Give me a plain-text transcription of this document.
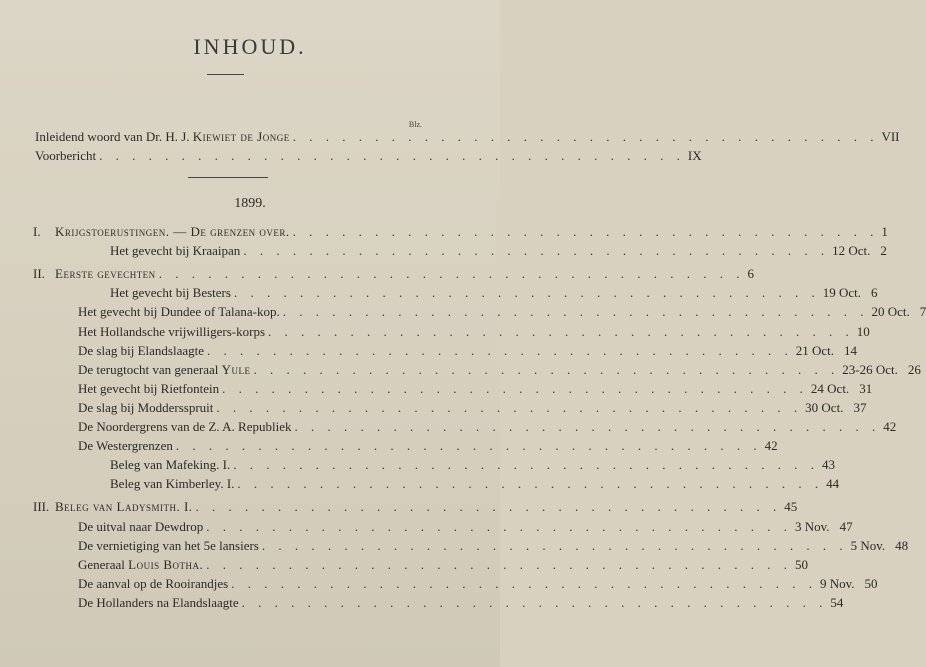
INHOUD.
Blz.
Inleidend woord van Dr. H. J. Kiewiet de Jonge . . . . . . . . . . . . . . . . . . . . . . . . . . . . . . . . . . . . VII
Voorbericht . . . . . . . . . . . . . . . . . . . . . . . . . . . . . . . . . . . . IX
1899.
I. Krijgstoerustingen. — De grenzen over. . . . . . . . . . . . . . . . . . . . . . . . . . . . . . . . . . . . . 1
Het gevecht bij Kraaipan . . . . . . . . . . . . . . . . . . . . . . . . . . . . . . . . . . . . 12 Oct. 2
II. Eerste gevechten . . . . . . . . . . . . . . . . . . . . . . . . . . . . . . . . . . . . 6
Het gevecht bij Besters . . . . . . . . . . . . . . . . . . . . . . . . . . . . . . . . . . . . 19 Oct. 6
Het gevecht bij Dundee of Talana-kop. . . . . . . . . . . . . . . . . . . . . . . . . . . . . . . . . . . . . 20 Oct. 7
Het Hollandsche vrijwilligers-korps . . . . . . . . . . . . . . . . . . . . . . . . . . . . . . . . . . . . 10
De slag bij Elandslaagte . . . . . . . . . . . . . . . . . . . . . . . . . . . . . . . . . . . . 21 Oct. 14
De terugtocht van generaal Yule . . . . . . . . . . . . . . . . . . . . . . . . . . . . . . . . . . . . 23-26 Oct. 26
Het gevecht bij Rietfontein . . . . . . . . . . . . . . . . . . . . . . . . . . . . . . . . . . . . 24 Oct. 31
De slag bij Moddersspruit . . . . . . . . . . . . . . . . . . . . . . . . . . . . . . . . . . . . 30 Oct. 37
De Noordergrens van de Z. A. Republiek . . . . . . . . . . . . . . . . . . . . . . . . . . . . . . . . . . . . 42
De Westergrenzen . . . . . . . . . . . . . . . . . . . . . . . . . . . . . . . . . . . . 42
Beleg van Mafeking. I. . . . . . . . . . . . . . . . . . . . . . . . . . . . . . . . . . . . . 43
Beleg van Kimberley. I. . . . . . . . . . . . . . . . . . . . . . . . . . . . . . . . . . . . . 44
III. Beleg van Ladysmith. I. . . . . . . . . . . . . . . . . . . . . . . . . . . . . . . . . . . . . 45
De uitval naar Dewdrop . . . . . . . . . . . . . . . . . . . . . . . . . . . . . . . . . . . . 3 Nov. 47
De vernietiging van het 5e lansiers . . . . . . . . . . . . . . . . . . . . . . . . . . . . . . . . . . . . 5 Nov. 48
Generaal Louis Botha. . . . . . . . . . . . . . . . . . . . . . . . . . . . . . . . . . . . . 50
De aanval op de Rooirandjes . . . . . . . . . . . . . . . . . . . . . . . . . . . . . . . . . . . . 9 Nov. 50
De Hollanders na Elandslaagte . . . . . . . . . . . . . . . . . . . . . . . . . . . . . . . . . . . . 54
